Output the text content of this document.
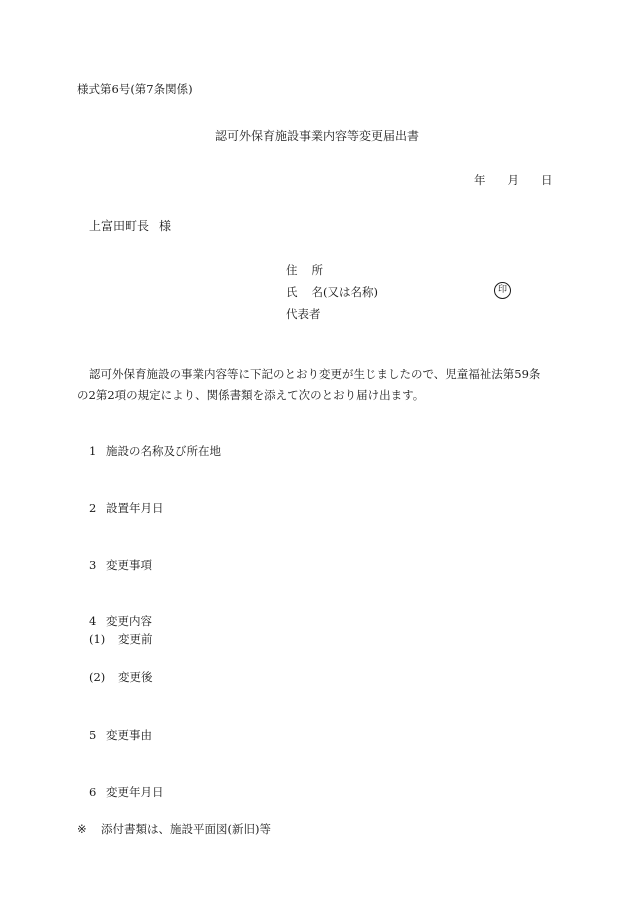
様式第6号(第7条関係)
認可外保育施設事業内容等変更届出書
年 月 日
上富田町長 様
住 所
氏 名(又は名称)
代表者
印
認可外保育施設の事業内容等に下記のとおり変更が生じましたので、児童福祉法第59条
の2第2項の規定により、関係書類を添えて次のとおり届け出ます。
1 施設の名称及び所在地
2 設置年月日
3 変更事項
4 変更内容
(1) 変更前
(2) 変更後
5 変更事由
6 変更年月日
※ 添付書類は、施設平面図(新旧)等
